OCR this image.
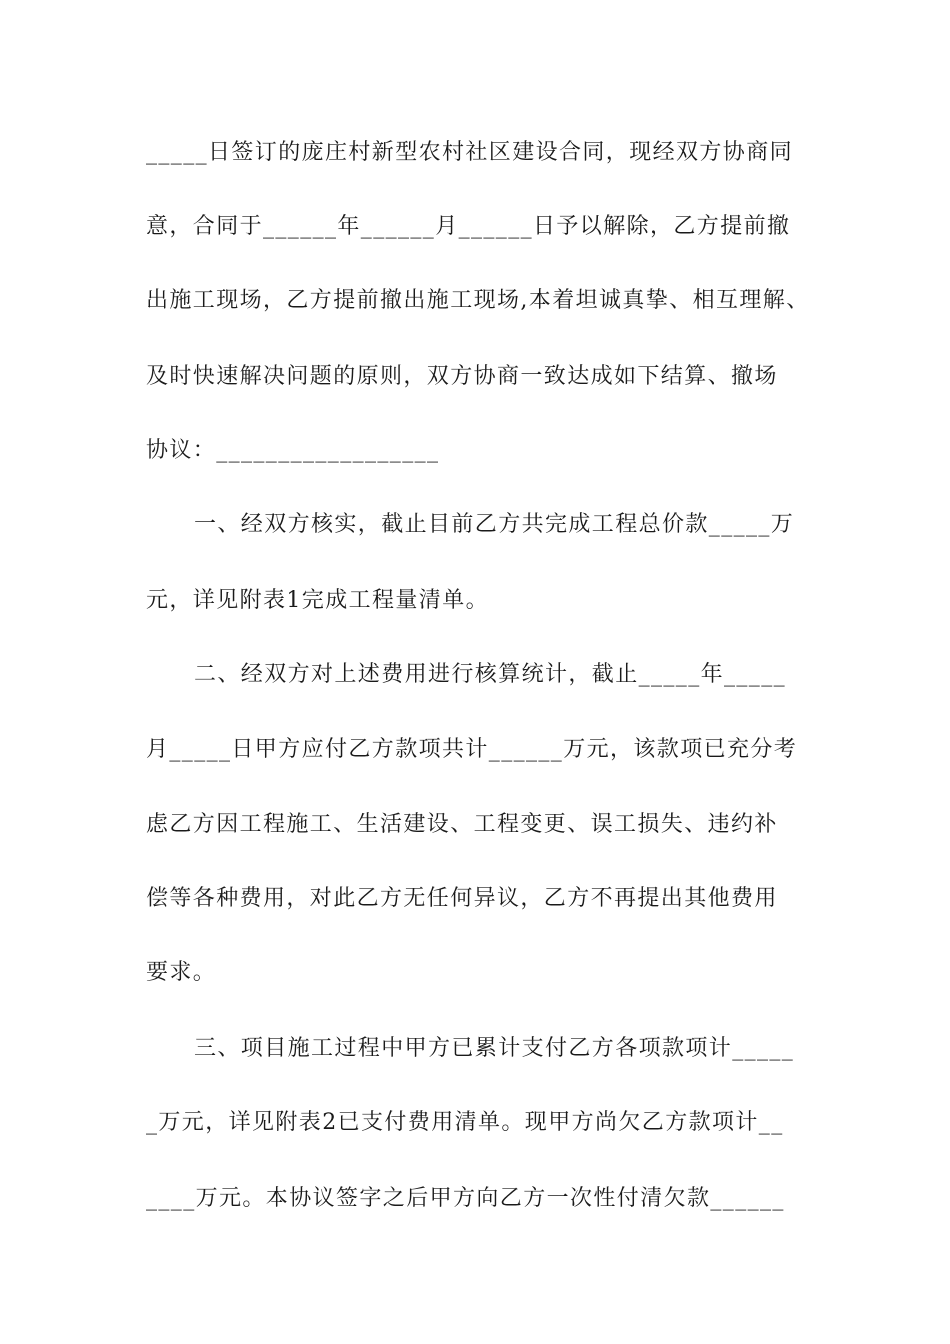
_____日签订的庞庄村新型农村社区建设合同，现经双方协商同
意，合同于______年______月______日予以解除，乙方提前撤
出施工现场，乙方提前撤出施工现场,本着坦诚真挚、相互理解、
及时快速解决问题的原则，双方协商一致达成如下结算、撤场
协议：__________________
一、经双方核实，截止目前乙方共完成工程总价款_____万
元，详见附表1完成工程量清单。
二、经双方对上述费用进行核算统计，截止_____年_____
月_____日甲方应付乙方款项共计______万元，该款项已充分考
虑乙方因工程施工、生活建设、工程变更、误工损失、违约补
偿等各种费用，对此乙方无任何异议，乙方不再提出其他费用
要求。
三、项目施工过程中甲方已累计支付乙方各项款项计_____
_万元，详见附表2已支付费用清单。现甲方尚欠乙方款项计__
____万元。本协议签字之后甲方向乙方一次性付清欠款______
